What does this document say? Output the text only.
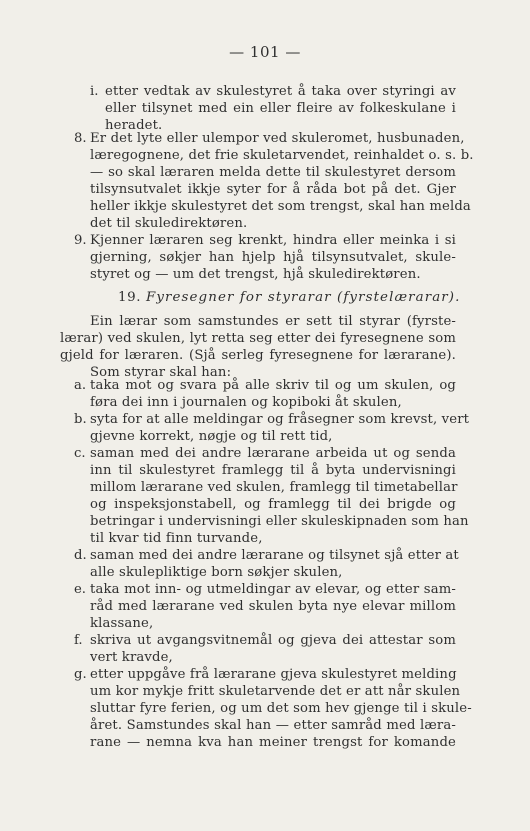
— 101 —
i. etter vedtak av skulestyret å taka over styringi av
eller tilsynet med ein eller fleire av folkeskulane i
heradet.
8. Er det lyte eller ulempor ved skuleromet, husbunaden,
læregognene, det frie skuletarvendet, reinhaldet o. s. b.
— so skal læraren melda dette til skulestyret dersom
tilsynsutvalet ikkje syter for å råda bot på det. Gjer
heller ikkje skulestyret det som trengst, skal han melda
det til skuledirektøren.
9. Kjenner læraren seg krenkt, hindra eller meinka i si
gjerning, søkjer han hjelp hjå tilsynsutvalet, skule-
styret og — um det trengst, hjå skuledirektøren.
19. Fyresegner for styrarar (fyrstelærarar).
Ein lærar som samstundes er sett til styrar (fyrste-
lærar) ved skulen, lyt retta seg etter dei fyresegnene som
gjeld for læraren. (Sjå serleg fyresegnene for lærarane).
Som styrar skal han:
a. taka mot og svara på alle skriv til og um skulen, og
føra dei inn i journalen og kopiboki åt skulen,
b. syta for at alle meldingar og fråsegner som krevst, vert
gjevne korrekt, nøgje og til rett tid,
c. saman med dei andre lærarane arbeida ut og senda
inn til skulestyret framlegg til å byta undervisningi
millom lærarane ved skulen, framlegg til timetabellar
og inspeksjonstabell, og framlegg til dei brigde og
betringar i undervisningi eller skuleskipnaden som han
til kvar tid finn turvande,
d. saman med dei andre lærarane og tilsynet sjå etter at
alle skulepliktige born søkjer skulen,
e. taka mot inn- og utmeldingar av elevar, og etter sam-
råd med lærarane ved skulen byta nye elevar millom
klassane,
f. skriva ut avgangsvitnemål og gjeva dei attestar som
vert kravde,
g. etter uppgåve frå lærarane gjeva skulestyret melding
um kor mykje fritt skuletarvende det er att når skulen
sluttar fyre ferien, og um det som hev gjenge til i skule-
året. Samstundes skal han — etter samråd med lærа-
rane — nemna kva han meiner trengst for komande
